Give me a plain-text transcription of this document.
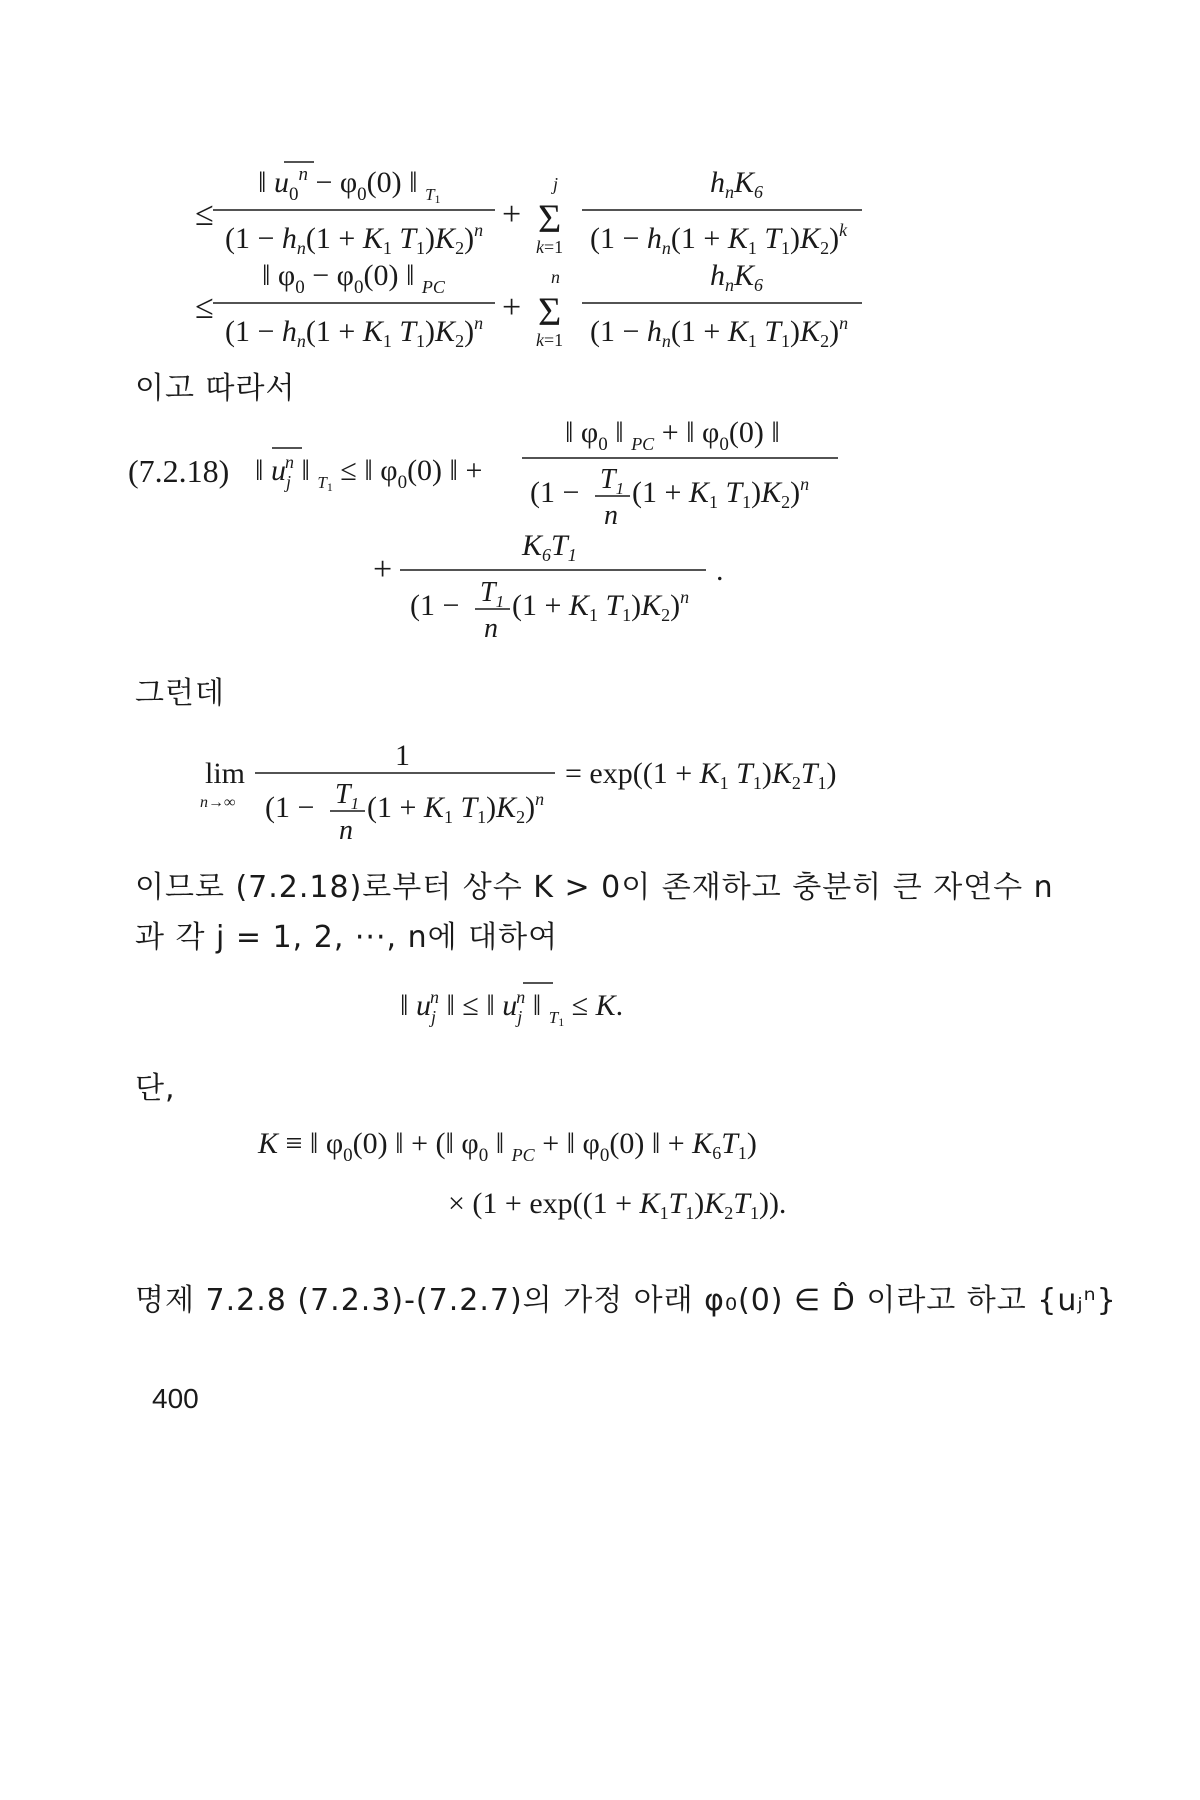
≤
‖ $u_0^n - \varphi_0(0)$ ‖ $_T$1
($1 - h_n(1 + K_1$ $T_1)K_2)^n + \Sigma$
j
k=1
$h_nK_6$
($1 - h_n(1 + K_1$ $T_1)K_2)^k$
≤
‖ $\varphi_0 - \varphi_0(0)$ ‖ $_{PC}$
($1 - h_n(1 + K_1$ $T_1)K_2)^n + \Sigma$
n
k=1
$h_nK_6$
($1 - h_n(1 + K_1$ $T_1)K_2)^n$
이고 따라서
(7.2.18) ‖ $u_jn$ ‖ $_T$1 ≤ ‖ $\varphi_0(0)$ ‖ +
‖ $\varphi_0$ ‖ $_{PC}$ + ‖ $\varphi_0(0)$ ‖
($1 - T_1$
n
($1 + K_1$ $T_1)K_2)^n$
+
$K_6T_1$	.
($1 - T_1$
n
($1 + K_1$ $T_1)K_2)^n$
그런데
lim
n→∞
1
($1 - T_1$
n
($1 + K_1$ $T_1)K_2)^n$
= $\exp((1 + K_1$ $T_1)K_2T_1$)
이므로 (7.2.18)로부터 상수 K > 0이 존재하고 충분히 큰 자연수 n
과 각 j = 1, 2, ···, n에 대하여
‖ $u_jn$ ‖ ≤ ‖ $u_jn$ ‖ $_T$1 ≤ K.
단,
K ≡ ‖ $\varphi_0(0)$ ‖ + (‖ $\varphi_0$ ‖ $_{PC}$ + ‖ $\varphi_0(0)$ ‖ + $K_6T_1$)
× $(1 + \exp((1 + K_1T_1)K_2T_1))$.
명제 7.2.8 (7.2.3)-(7.2.7)의 가정 아래 φ₀(0) ∈ D̂ 이라고 하고 {uⱼⁿ}
400
